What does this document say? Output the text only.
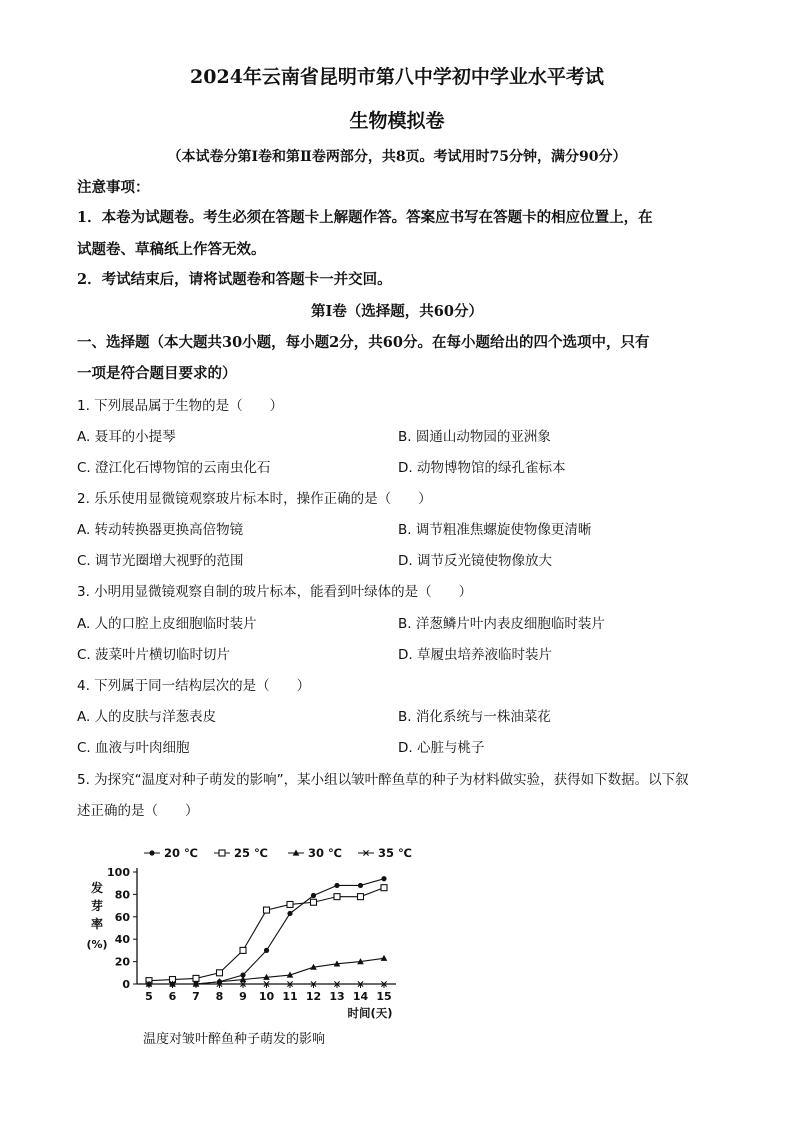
2024年云南省昆明市第八中学初中学业水平考试
生物模拟卷
（本试卷分第Ⅰ卷和第Ⅱ卷两部分，共8页。考试用时75分钟，满分90分）
注意事项：
1．本卷为试题卷。考生必须在答题卡上解题作答。答案应书写在答题卡的相应位置上，在
试题卷、草稿纸上作答无效。
2．考试结束后，请将试题卷和答题卡一并交回。
第Ⅰ卷（选择题，共60分）
一、选择题（本大题共30小题，每小题2分，共60分。在每小题给出的四个选项中，只有
一项是符合题目要求的）
1. 下列展品属于生物的是（　　）
A. 聂耳的小提琴	B. 圆通山动物园的亚洲象
C. 澄江化石博物馆的云南虫化石	D. 动物博物馆的绿孔雀标本
2. 乐乐使用显微镜观察玻片标本时，操作正确的是（　　）
A. 转动转换器更换高倍物镜	B. 调节粗准焦螺旋使物像更清晰
C. 调节光圈增大视野的范围	D. 调节反光镜使物像放大
3. 小明用显微镜观察自制的玻片标本，能看到叶绿体的是（　　）
A. 人的口腔上皮细胞临时装片	B. 洋葱鳞片叶内表皮细胞临时装片
C. 菠菜叶片横切临时切片	D. 草履虫培养液临时装片
4. 下列属于同一结构层次的是（　　）
A. 人的皮肤与洋葱表皮	B. 消化系统与一株油菜花
C. 血液与叶肉细胞	D. 心脏与桃子
5. 为探究“温度对种子萌发的影响”，某小组以皱叶醉鱼草的种子为材料做实验，获得如下数据。以下叙
述正确的是（　　）
0
20
40
60
80
100
5 6 7 8 9 10 11 12 13 14 15
发
芽
率
(%)
时间(天)
20 ℃	25 ℃	30 ℃	35 ℃
温度对皱叶醉鱼种子萌发的影响
